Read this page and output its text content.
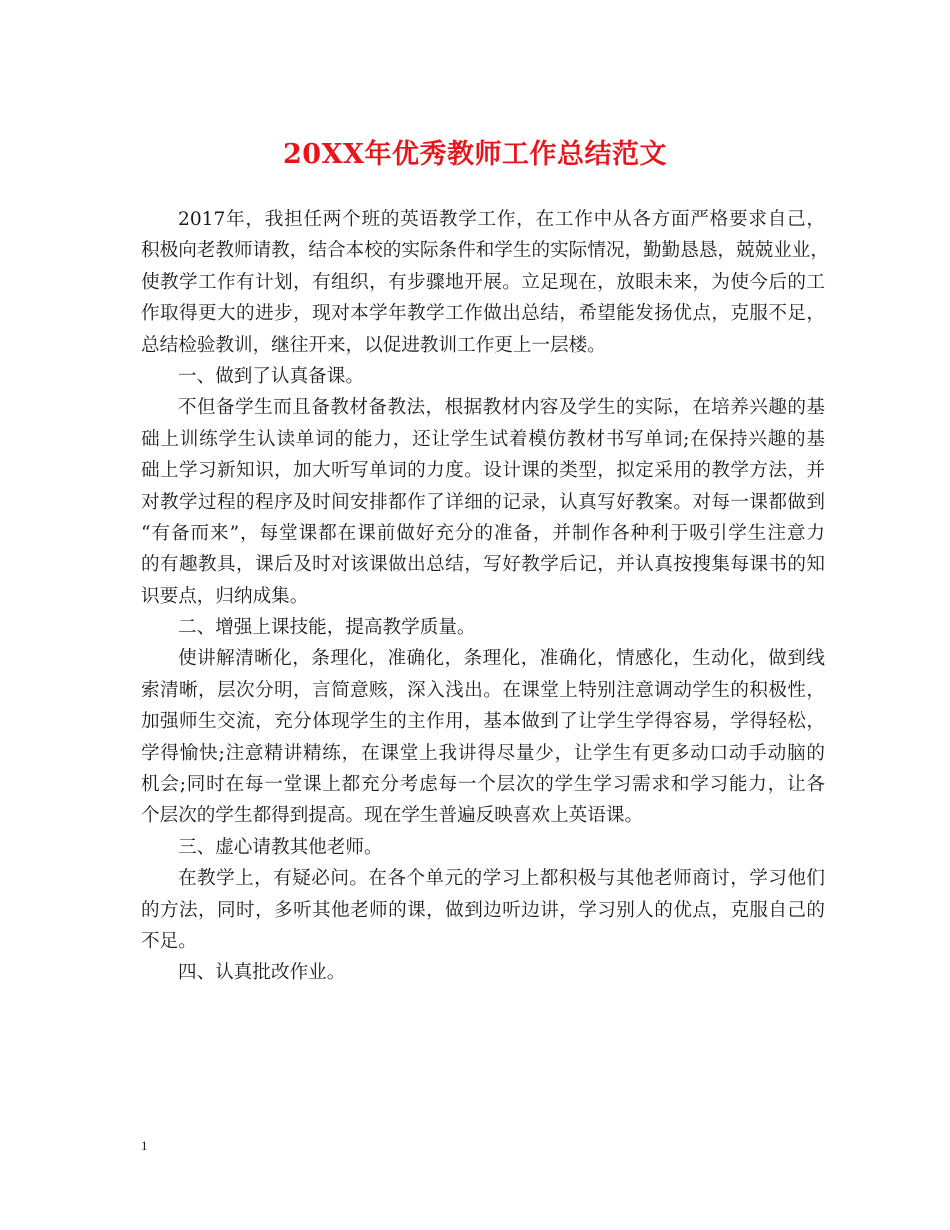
20XX年优秀教师工作总结范文
2017年，我担任两个班的英语教学工作，在工作中从各方面严格要求自己，
积极向老教师请教，结合本校的实际条件和学生的实际情况，勤勤恳恳，兢兢业业，
使教学工作有计划，有组织，有步骤地开展。立足现在，放眼未来，为使今后的工
作取得更大的进步，现对本学年教学工作做出总结，希望能发扬优点，克服不足，
总结检验教训，继往开来，以促进教训工作更上一层楼。
一、做到了认真备课。
不但备学生而且备教材备教法，根据教材内容及学生的实际，在培养兴趣的基
础上训练学生认读单词的能力，还让学生试着模仿教材书写单词;在保持兴趣的基
础上学习新知识，加大听写单词的力度。设计课的类型，拟定采用的教学方法，并
对教学过程的程序及时间安排都作了详细的记录，认真写好教案。对每一课都做到
“有备而来”，每堂课都在课前做好充分的准备，并制作各种利于吸引学生注意力
的有趣教具，课后及时对该课做出总结，写好教学后记，并认真按搜集每课书的知
识要点，归纳成集。
二、增强上课技能，提高教学质量。
使讲解清晰化，条理化，准确化，条理化，准确化，情感化，生动化，做到线
索清晰，层次分明，言简意赅，深入浅出。在课堂上特别注意调动学生的积极性，
加强师生交流，充分体现学生的主作用，基本做到了让学生学得容易，学得轻松，
学得愉快;注意精讲精练，在课堂上我讲得尽量少，让学生有更多动口动手动脑的
机会;同时在每一堂课上都充分考虑每一个层次的学生学习需求和学习能力，让各
个层次的学生都得到提高。现在学生普遍反映喜欢上英语课。
三、虚心请教其他老师。
在教学上，有疑必问。在各个单元的学习上都积极与其他老师商讨，学习他们
的方法，同时，多听其他老师的课，做到边听边讲，学习别人的优点，克服自己的
不足。
四、认真批改作业。
1
